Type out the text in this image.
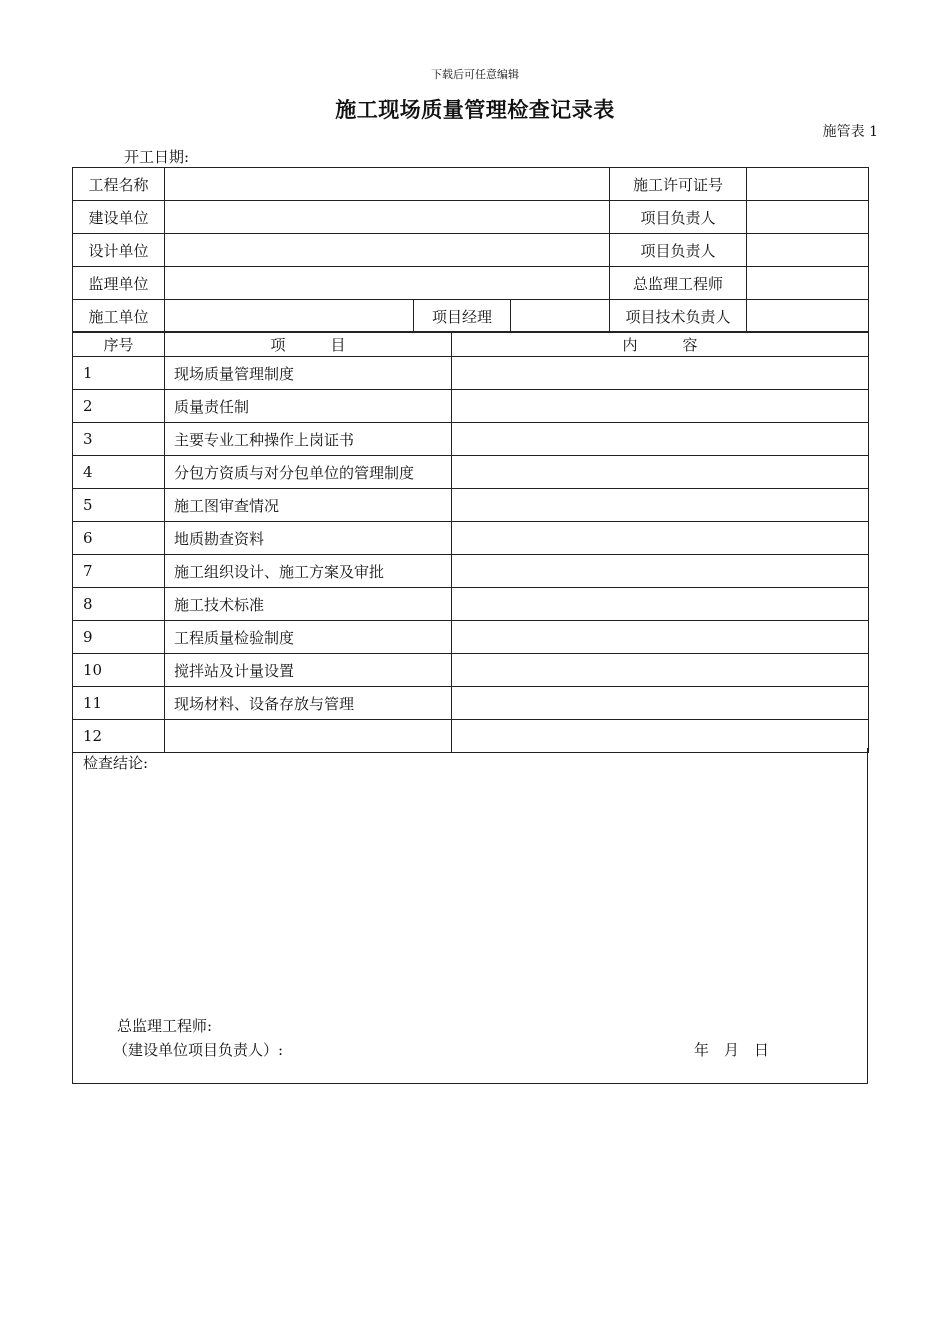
下载后可任意编辑
施工现场质量管理检查记录表
施管表 1
开工日期:
工程名称				施工许可证号	
建设单位				项目负责人	
设计单位				项目负责人	
监理单位				总监理工程师	
施工单位		项目经理		项目技术负责人	
序号	项　　　目	内　　　容
1	现场质量管理制度	
2	质量责任制	
3	主要专业工种操作上岗证书	
4	分包方资质与对分包单位的管理制度	
5	施工图审查情况	
6	地质勘查资料	
7	施工组织设计、施工方案及审批	
8	施工技术标准	
9	工程质量检验制度	
10	搅拌站及计量设置	
11	现场材料、设备存放与管理	
12		
检查结论:
总监理工程师:
（建设单位项目负责人）:	年　月　日
